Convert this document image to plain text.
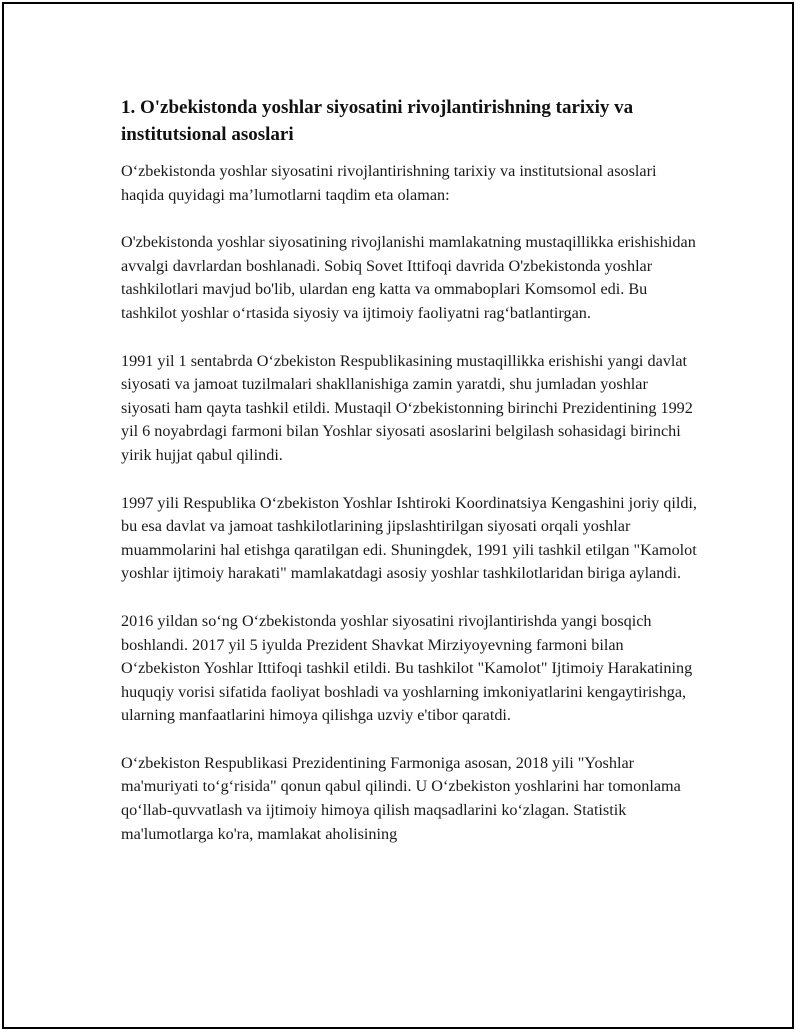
1. O'zbekistonda yoshlar siyosatini rivojlantirishning tarixiy va institutsional asoslari

O‘zbekistonda yoshlar siyosatini rivojlantirishning tarixiy va institutsional asoslari haqida quyidagi ma’lumotlarni taqdim eta olaman:

O'zbekistonda yoshlar siyosatining rivojlanishi mamlakatning mustaqillikka erishishidan avvalgi davrlardan boshlanadi. Sobiq Sovet Ittifoqi davrida O'zbekistonda yoshlar tashkilotlari mavjud bo'lib, ulardan eng katta va ommaboplari Komsomol edi. Bu tashkilot yoshlar o‘rtasida siyosiy va ijtimoiy faoliyatni rag‘batlantirgan.

1991 yil 1 sentabrda O‘zbekiston Respublikasining mustaqillikka erishishi yangi davlat siyosati va jamoat tuzilmalari shakllanishiga zamin yaratdi, shu jumladan yoshlar siyosati ham qayta tashkil etildi. Mustaqil O‘zbekistonning birinchi Prezidentining 1992 yil 6 noyabrdagi farmoni bilan Yoshlar siyosati asoslarini belgilash sohasidagi birinchi yirik hujjat qabul qilindi.

1997 yili Respublika O‘zbekiston Yoshlar Ishtiroki Koordinatsiya Kengashini joriy qildi, bu esa davlat va jamoat tashkilotlarining jipslashtirilgan siyosati orqali yoshlar muammolarini hal etishga qaratilgan edi. Shuningdek, 1991 yili tashkil etilgan "Kamolot yoshlar ijtimoiy harakati" mamlakatdagi asosiy yoshlar tashkilotlaridan biriga aylandi.

2016 yildan so‘ng O‘zbekistonda yoshlar siyosatini rivojlantirishda yangi bosqich boshlandi. 2017 yil 5 iyulda Prezident Shavkat Mirziyoyevning farmoni bilan O‘zbekiston Yoshlar Ittifoqi tashkil etildi. Bu tashkilot "Kamolot" Ijtimoiy Harakatining huquqiy vorisi sifatida faoliyat boshladi va yoshlarning imkoniyatlarini kengaytirishga, ularning manfaatlarini himoya qilishga uzviy e'tibor qaratdi.

O‘zbekiston Respublikasi Prezidentining Farmoniga asosan, 2018 yili "Yoshlar ma'muriyati to‘g‘risida" qonun qabul qilindi. U O‘zbekiston yoshlarini har tomonlama qo‘llab-quvvatlash va ijtimoiy himoya qilish maqsadlarini ko‘zlagan. Statistik ma'lumotlarga ko'ra, mamlakat aholisining
